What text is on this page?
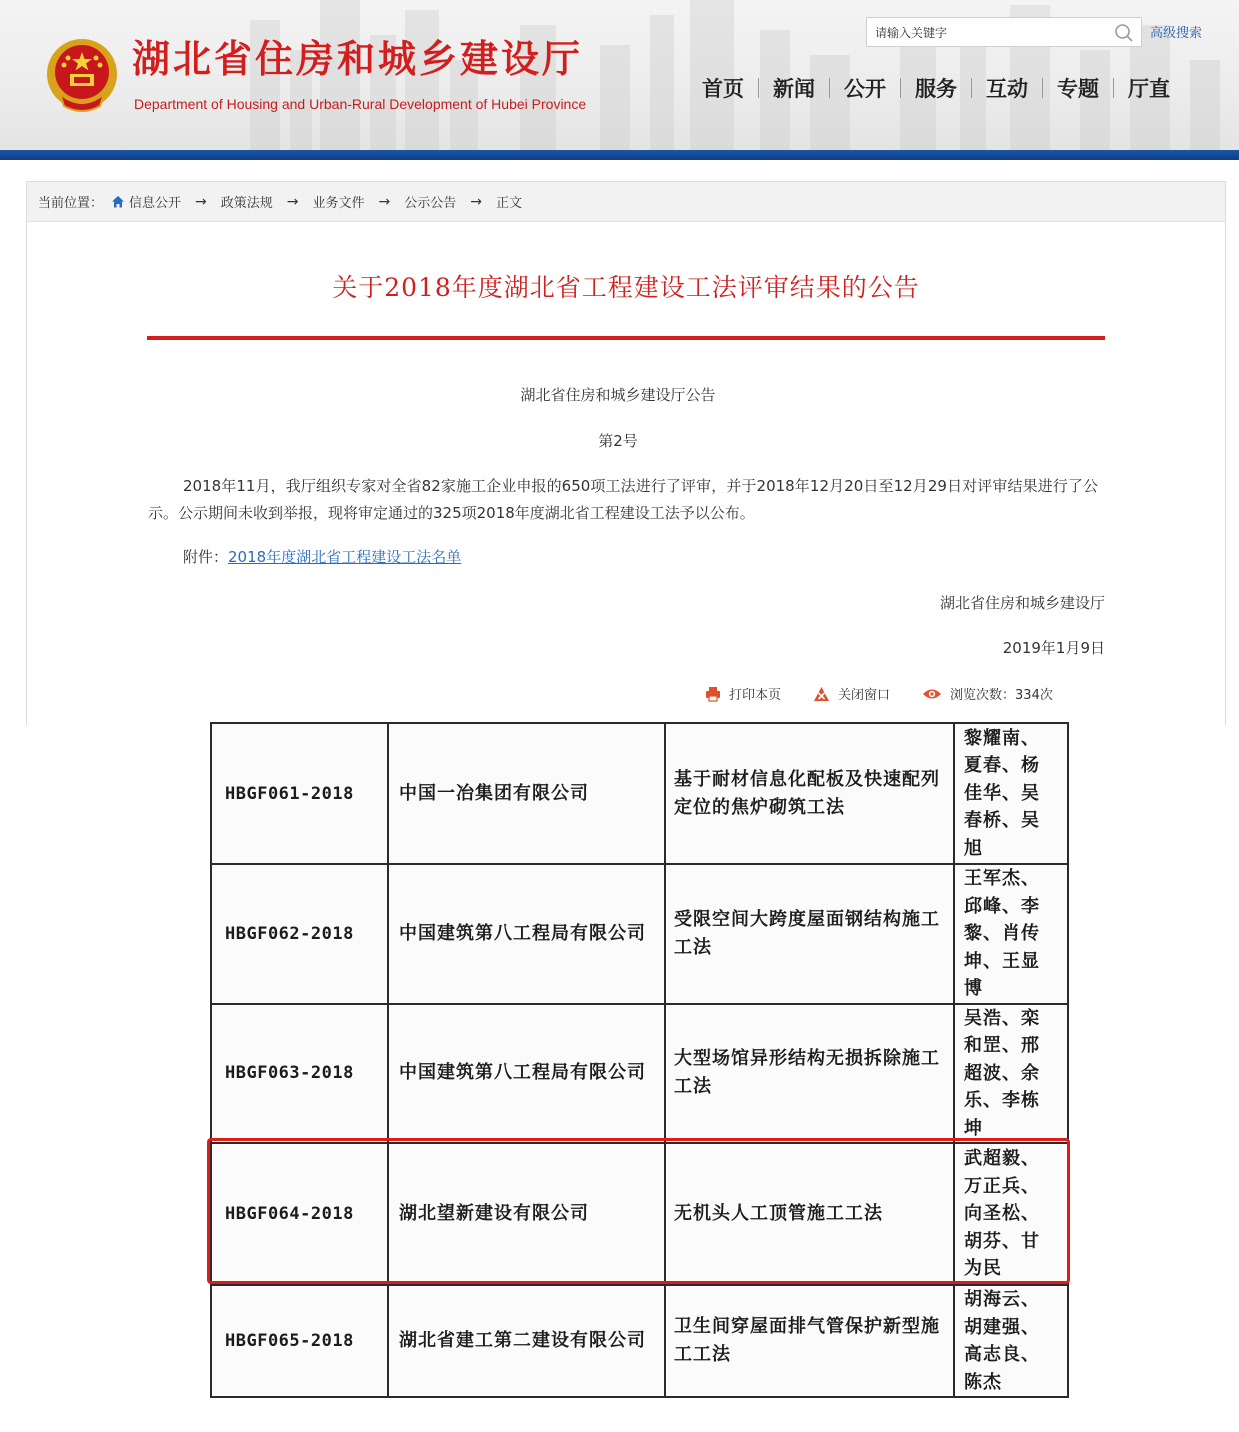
湖北省住房和城乡建设厅
Department of Housing and Urban-Rural Development of Hubei Province
请输入关键字
高级搜索
首页	新闻	公开	服务	互动	专题	厅直
当前位置： 信息公开 → 政策法规 → 业务文件 → 公示公告 → 正文
关于2018年度湖北省工程建设工法评审结果的公告
湖北省住房和城乡建设厅公告
第2号
2018年11月，我厅组织专家对全省82家施工企业申报的650项工法进行了评审，并于2018年12月20日至12月29日对评审结果进行了公示。公示期间未收到举报，现将审定通过的325项2018年度湖北省工程建设工法予以公布。
附件：2018年度湖北省工程建设工法名单
湖北省住房和城乡建设厅
2019年1月9日
打印本页	关闭窗口	浏览次数：334次
HBGF061-2018	中国一冶集团有限公司	基于耐材信息化配板及快速配列定位的焦炉砌筑工法	黎耀南、夏春、杨佳华、吴春桥、吴旭
HBGF062-2018	中国建筑第八工程局有限公司	受限空间大跨度屋面钢结构施工工法	王军杰、邱峰、李黎、肖传坤、王显博
HBGF063-2018	中国建筑第八工程局有限公司	大型场馆异形结构无损拆除施工工法	吴浩、栾和罡、邢超波、余乐、李栋坤
HBGF064-2018	湖北望新建设有限公司	无机头人工顶管施工工法	武超毅、万正兵、向圣松、胡芬、甘为民
HBGF065-2018	湖北省建工第二建设有限公司	卫生间穿屋面排气管保护新型施工工法	胡海云、胡建强、高志良、陈杰
